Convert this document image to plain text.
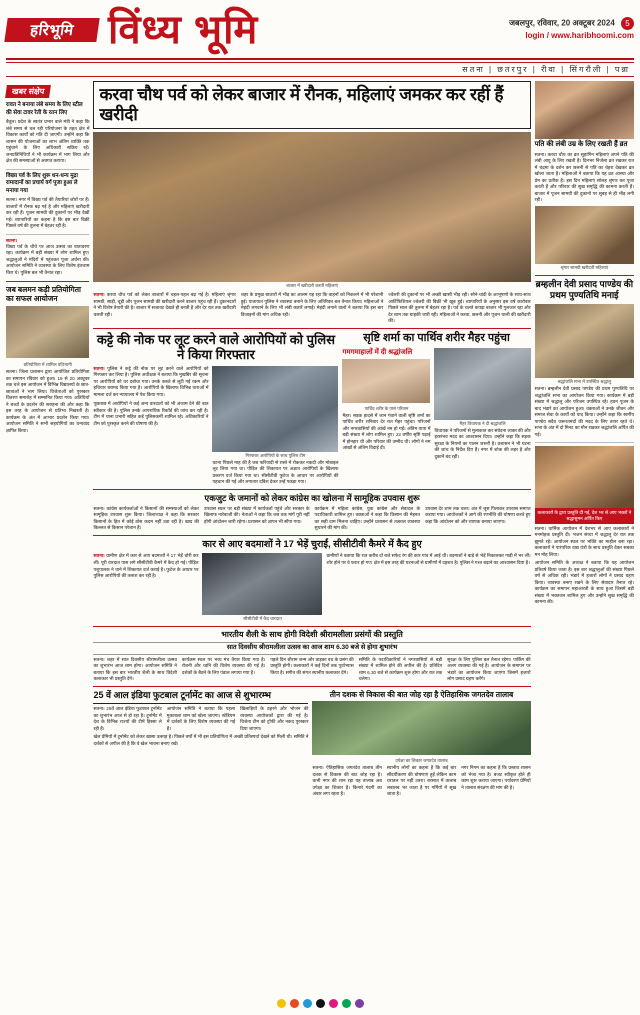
हरिभूमि विंध्य भूमि	जबलपुर, रविवार, 20 अक्टूबर 2024 5
login / www.haribhoomi.com
सतना | छतरपुर | रीवा | सिंगरौली | पन्ना
खबर संक्षेप
रावत ने बनाया लंबे समय के लिए स्टील की सेवा टावर रेती के रतन लिए
बैतूल। प्रदेश के स्वतंत्र प्रभार वाले मंत्री ने कहा कि लंबे समय से चल रही परियोजना के तहत क्षेत्र में विकास कार्यों को गति दी जाएगी। उन्होंने कहा कि शासन की योजनाओं का लाभ अंतिम व्यक्ति तक पहुंचाने के लिए अधिकारी सक्रिय रहें। जनप्रतिनिधियों ने भी कार्यक्रम में भाग लिया और क्षेत्र की समस्याओं से अवगत कराया।
विख्य पर्व के लिए शुरू धन-धन्य मुद्रा रामादानों का प्रचार्य वर्ग पूजा हुआ ले मनाया गया
सतना। नगर में विख्य पर्व की तैयारियां जोरों पर हैं। बाजारों में रौनक बढ़ गई है और महिलाएं खरीदारी कर रही हैं। पूजन सामग्री की दुकानों पर भीड़ देखी गई। व्यापारियों का कहना है कि इस बार बिक्री पिछले वर्ष की तुलना में बेहतर रही है।
सतना।
विख्य पर्व के चौथे पर आज उत्सव का वातावरण रहा। कार्यक्रम में बड़ी संख्या में लोग शामिल हुए। श्रद्धालुओं ने मंदिरों में पहुंचकर पूजा अर्चना की। आयोजन समिति ने व्यवस्था के लिए विशेष इंतजाम किए थे। पुलिस बल भी तैनात रहा।
जब बलमन कड़ी प्रतियोगिता का सफल आयोजन
प्रतियोगिता में शामिल प्रतिभागी
सतना। जिला प्रशासन द्वारा आयोजित प्रतियोगिता का समापन रविवार को हुआ। 19 से 20 अक्टूबर तक चले इस आयोजन में विभिन्न विद्यालयों के छात्र-छात्राओं ने भाग लिया। विजेताओं को पुरस्कार वितरण समारोह में सम्मानित किया गया। अतिथियों ने बच्चों के प्रदर्शन की सराहना की और कहा कि इस तरह के आयोजन से प्रतिभा निखरती है। कार्यक्रम के अंत में आभार प्रदर्शन किया गया। आयोजन समिति ने सभी सहयोगियों का धन्यवाद ज्ञापित किया।
करवा चौथ पर्व को लेकर बाजार में रौनक, महिलाएं जमकर कर रहीं हैं खरीदी
बाजार में खरीदारी करतीं महिलाएं
सतना। करवा चौथ पर्व को लेकर बाजारों में चहल-पहल बढ़ गई है। महिलाएं श्रृंगार सामग्री, साड़ी, चूड़ी और पूजन सामग्री की खरीदारी करने बाजार पहुंच रही हैं। दुकानदारों ने भी विशेष तैयारी की है। बाजार में सजावट देखते ही बनती है और देर रात तक खरीदारी चलती रही।
शहर के प्रमुख बाजारों में भीड़ का आलम यह रहा कि वाहनों को निकलने में भी परेशानी हुई। यातायात पुलिस ने व्यवस्था बनाने के लिए अतिरिक्त बल तैनात किया। महिलाओं ने मेहंदी लगवाने के लिए भी लंबी कतारें लगाईं। मेहंदी लगाने वालों ने बताया कि इस बार डिजाइनों की मांग अधिक रही।
ज्वेलरी की दुकानों पर भी अच्छी खासी भीड़ रही। सोने-चांदी के आभूषणों के साथ-साथ आर्टिफिशियल ज्वेलरी की बिक्री भी खूब हुई। व्यापारियों के अनुसार इस वर्ष कारोबार पिछले साल की तुलना में बेहतर रहा है। पर्व के चलते कपड़ा बाजार भी गुलजार रहा और देर शाम तक ग्राहकी जारी रही। महिलाओं ने करवा, छलनी और पूजन थाली की खरीदारी की।
कट्टे की नोक पर लूट करने वाले आरोपियों को पुलिस ने किया गिरफ्तार
सतना। पुलिस ने कट्टे की नोक पर लूट करने वाले आरोपियों को गिरफ्तार कर लिया है। पुलिस अधीक्षक ने बताया कि मुखबिर की सूचना पर आरोपियों को धर दबोचा गया। उनके कब्जे से लूटी गई रकम और हथियार बरामद किया गया है। आरोपियों के खिलाफ विभिन्न धाराओं में मामला दर्ज कर न्यायालय में पेश किया गया।
पूछताछ में आरोपियों ने कई अन्य वारदातों को भी अंजाम देने की बात स्वीकार की है। पुलिस उनके आपराधिक रिकॉर्ड की जांच कर रही है। टीम में थाना प्रभारी सहित कई पुलिसकर्मी शामिल रहे। अधिकारियों ने टीम को पुरस्कृत करने की घोषणा की है।
गिरफ्तार आरोपियों के साथ पुलिस टीम
घटना पिछले माह की है जब फरियादी से रास्ते में रोककर नकदी और मोबाइल लूट लिया गया था। पीड़ित की शिकायत पर अज्ञात आरोपियों के खिलाफ प्रकरण दर्ज किया गया था। सीसीटीवी फुटेज के आधार पर आरोपियों की पहचान की गई और लगातार दबिश देकर उन्हें पकड़ा गया।
सृष्टि शर्मा का पार्थिव शरीर मैहर पहुंचा
गमगमाहालों में दी श्रद्धांजलि
पार्थिव शरीर के पास परिजन
मैहर। सड़क हादसे में जान गंवाने वाली सृष्टि शर्मा का पार्थिव शरीर शनिवार देर रात मैहर पहुंचा। परिजनों और नगरवासियों की आंखें नम हो गईं। अंतिम यात्रा में बड़ी संख्या में लोग शामिल हुए। 22 वर्षीय सृष्टि पढ़ाई में होनहार थी और परिवार की उम्मीद थी। लोगों ने नम आंखों से अंतिम विदाई दी।
मैहर विधायक ने दी श्रद्धांजलि
विधायक ने परिजनों से मुलाकात कर संवेदना व्यक्त की और हरसंभव मदद का आश्वासन दिया। उन्होंने कहा कि सड़क सुरक्षा के नियमों का पालन जरूरी है। प्रशासन ने भी घटना की जांच के निर्देश दिए हैं। नगर में शोक की लहर है और दुकानें बंद रहीं।
एकजुट के जमानों को लेकर कांग्रेस का खोलना में सामूहिक उपवास शुरू
सतना। कांग्रेस कार्यकर्ताओं ने किसानों की समस्याओं को लेकर सामूहिक उपवास शुरू किया। जिलाध्यक्ष ने कहा कि सरकार किसानों के हित में कोई ठोस कदम नहीं उठा रही है। खाद की किल्लत से किसान परेशान हैं।
उपवास स्थल पर बड़ी संख्या में कार्यकर्ता पहुंचे और सरकार के खिलाफ नारेबाजी की। नेताओं ने कहा कि जब तक मांगें पूरी नहीं होंगी आंदोलन जारी रहेगा। प्रशासन को ज्ञापन भी सौंपा गया।
कार्यक्रम में महिला कांग्रेस, युवा कांग्रेस और सेवादल के पदाधिकारी शामिल हुए। वक्ताओं ने कहा कि किसान की मेहनत का सही दाम मिलना चाहिए। उन्होंने प्रशासन से तत्काल व्यवस्था सुधारने की मांग की।
उपवास देर शाम तक चला। अंत में जूस पिलाकर उपवास समाप्त कराया गया। आयोजकों ने आगे की रणनीति की घोषणा करते हुए कहा कि आंदोलन को और व्यापक बनाया जाएगा।
कार से आए बदमाशों ने 17 भेड़ें चुराईं, सीसीटीवी कैमरे में कैद हुए
सतना। ग्रामीण क्षेत्र में कार से आए बदमाशों ने 17 भेड़ें चोरी कर लीं। पूरी वारदात पास लगे सीसीटीवी कैमरे में कैद हो गई। पीड़ित पशुपालक ने थाने में शिकायत दर्ज कराई है। फुटेज के आधार पर पुलिस आरोपियों की तलाश कर रही है।
सीसीटीवी में कैद वारदात
ग्रामीणों ने बताया कि रात करीब दो बजे सफेद रंग की कार गांव में आई थी। बदमाशों ने बाड़े से भेड़ें निकालकर गाड़ी में भर लीं। शोर होने पर वे फरार हो गए। क्षेत्र में इस तरह की घटनाओं से ग्रामीणों में दहशत है। पुलिस ने गश्त बढ़ाने का आश्वासन दिया है।
भारतीय शैली के साथ होगी विदेशी श्रीरामलीला प्रसंगों की प्रस्तुति
सात दिवसीय श्रीरामलीला उत्सव का आज शाम 6.30 बजे से होगा शुभारंभ
सतना। शहर में सात दिवसीय श्रीरामलीला उत्सव का शुभारंभ आज शाम होगा। आयोजन समिति ने बताया कि इस बार भारतीय शैली के साथ विदेशी कलाकार भी प्रस्तुति देंगे।
कार्यक्रम स्थल पर भव्य मंच तैयार किया गया है। रोशनी और ध्वनि की विशेष व्यवस्था की गई है। दर्शकों के बैठने के लिए पंडाल लगाया गया है।
पहले दिन श्रीराम जन्म और ताड़का वध के प्रसंग की प्रस्तुति होगी। कलाकारों ने कई दिनों तक पूर्वाभ्यास किया है। संगीत की संगत स्थानीय कलाकार देंगे।
समिति के पदाधिकारियों ने नगरवासियों से बड़ी संख्या में शामिल होने की अपील की है। प्रतिदिन शाम 6.30 बजे से कार्यक्रम शुरू होगा और रात तक चलेगा।
सुरक्षा के लिए पुलिस बल तैनात रहेगा। पार्किंग की अलग व्यवस्था की गई है। आयोजन के समापन पर भंडारे का आयोजन किया जाएगा जिसमें हजारों लोग प्रसाद ग्रहण करेंगे।
25 वें आल इंडिया फुटबाल टूर्नामेंट का आज से शुभारम्भ
सतना। 25वें आल इंडिया फुटबाल टूर्नामेंट का शुभारंभ आज से हो रहा है। टूर्नामेंट में देश के विभिन्न राज्यों की टीमें हिस्सा ले रही हैं।
आयोजन समिति ने बताया कि पहला मुकाबला शाम को खेला जाएगा। स्टेडियम में दर्शकों के लिए विशेष व्यवस्था की गई है।
खिलाड़ियों के ठहरने और भोजन की व्यवस्था आयोजकों द्वारा की गई है। विजेता टीम को ट्रॉफी और नकद पुरस्कार दिया जाएगा।
खेल प्रेमियों में टूर्नामेंट को लेकर खासा उत्साह है। पिछले वर्षों में भी इस प्रतियोगिता में अच्छी प्रतिस्पर्धा देखने को मिली थी। समिति ने दर्शकों से अपील की है कि वे खेल भावना बनाए रखें।
तीन दशक से विकास की बात जोह रहा है ऐतिहासिक जगतदेव तालाब
उपेक्षा का शिकार जगतदेव तालाब
सतना। ऐतिहासिक जगतदेव तालाब तीन दशक से विकास की बाट जोह रहा है। कभी नगर की शान रहा यह तालाब अब उपेक्षा का शिकार है। किनारे गंदगी का अंबार लगा रहता है।
स्थानीय लोगों का कहना है कि कई बार सौंदर्यीकरण की घोषणाएं हुईं लेकिन काम धरातल पर नहीं उतरा। बरसात में तालाब लबालब भर जाता है पर गर्मियों में सूख जाता है।
नगर निगम का कहना है कि प्रस्ताव शासन को भेजा गया है। बजट स्वीकृत होते ही काम शुरू कराया जाएगा। पर्यावरण प्रेमियों ने तालाब संरक्षण की मांग की है।
पति की लंबी उम्र के लिए रखती हैं व्रत
सतना। करवा चौथ का व्रत सुहागिन महिलाएं अपने पति की लंबी आयु के लिए रखती हैं। दिनभर निर्जला व्रत रखकर रात में चंद्रमा के दर्शन कर छलनी से पति का चेहरा देखकर व्रत खोला जाता है। महिलाओं ने बताया कि यह व्रत आस्था और प्रेम का प्रतीक है। इस दिन महिलाएं सोलह श्रृंगार कर पूजा करती हैं और परिवार की सुख समृद्धि की कामना करती हैं। बाजार में पूजन सामग्री की दुकानों पर सुबह से ही भीड़ लगी रही।
श्रृंगार सामग्री खरीदतीं महिलाएं
ब्रम्हलीन देवी प्रसाद पाण्डेय की प्रथम पुण्यतिथि मनाई
श्रद्धांजलि सभा में उपस्थित श्रद्धालु
सतना। ब्रम्हलीन देवी प्रसाद पाण्डेय की प्रथम पुण्यतिथि पर श्रद्धांजलि सभा का आयोजन किया गया। कार्यक्रम में बड़ी संख्या में श्रद्धालु और परिजन उपस्थित रहे। हवन पूजन के बाद भंडारे का आयोजन हुआ। वक्ताओं ने उनके जीवन और समाज सेवा के कार्यों को याद किया। उन्होंने कहा कि स्वर्गीय पाण्डेय सदैव जरूरतमंदों की मदद के लिए तत्पर रहते थे। सभा के अंत में दो मिनट का मौन रखकर श्रद्धांजलि अर्पित की गई।
कलाकारों के द्वारा प्रस्तुति दी गई, देश भर से आए भक्तों ने श्रद्धासुमन अर्पित किए
सतना। धार्मिक आयोजन में देशभर से आए कलाकारों ने मनमोहक प्रस्तुति दी। भजन संध्या में श्रद्धालु देर रात तक झूमते रहे। आयोजन स्थल पर भक्ति का माहौल बना रहा। कलाकारों ने पारंपरिक वाद्य यंत्रों के साथ प्रस्तुति देकर सबका मन मोह लिया।
आयोजन समिति के अध्यक्ष ने बताया कि यह आयोजन प्रतिवर्ष किया जाता है। इस बार श्रद्धालुओं की संख्या पिछले वर्ष से अधिक रही। भंडारे में हजारों लोगों ने प्रसाद ग्रहण किया। व्यवस्था बनाए रखने के लिए सेवादार तैनात रहे। कार्यक्रम का समापन महाआरती के साथ हुआ जिसमें बड़ी संख्या में भक्तजन शामिल हुए और उन्होंने सुख समृद्धि की कामना की।
